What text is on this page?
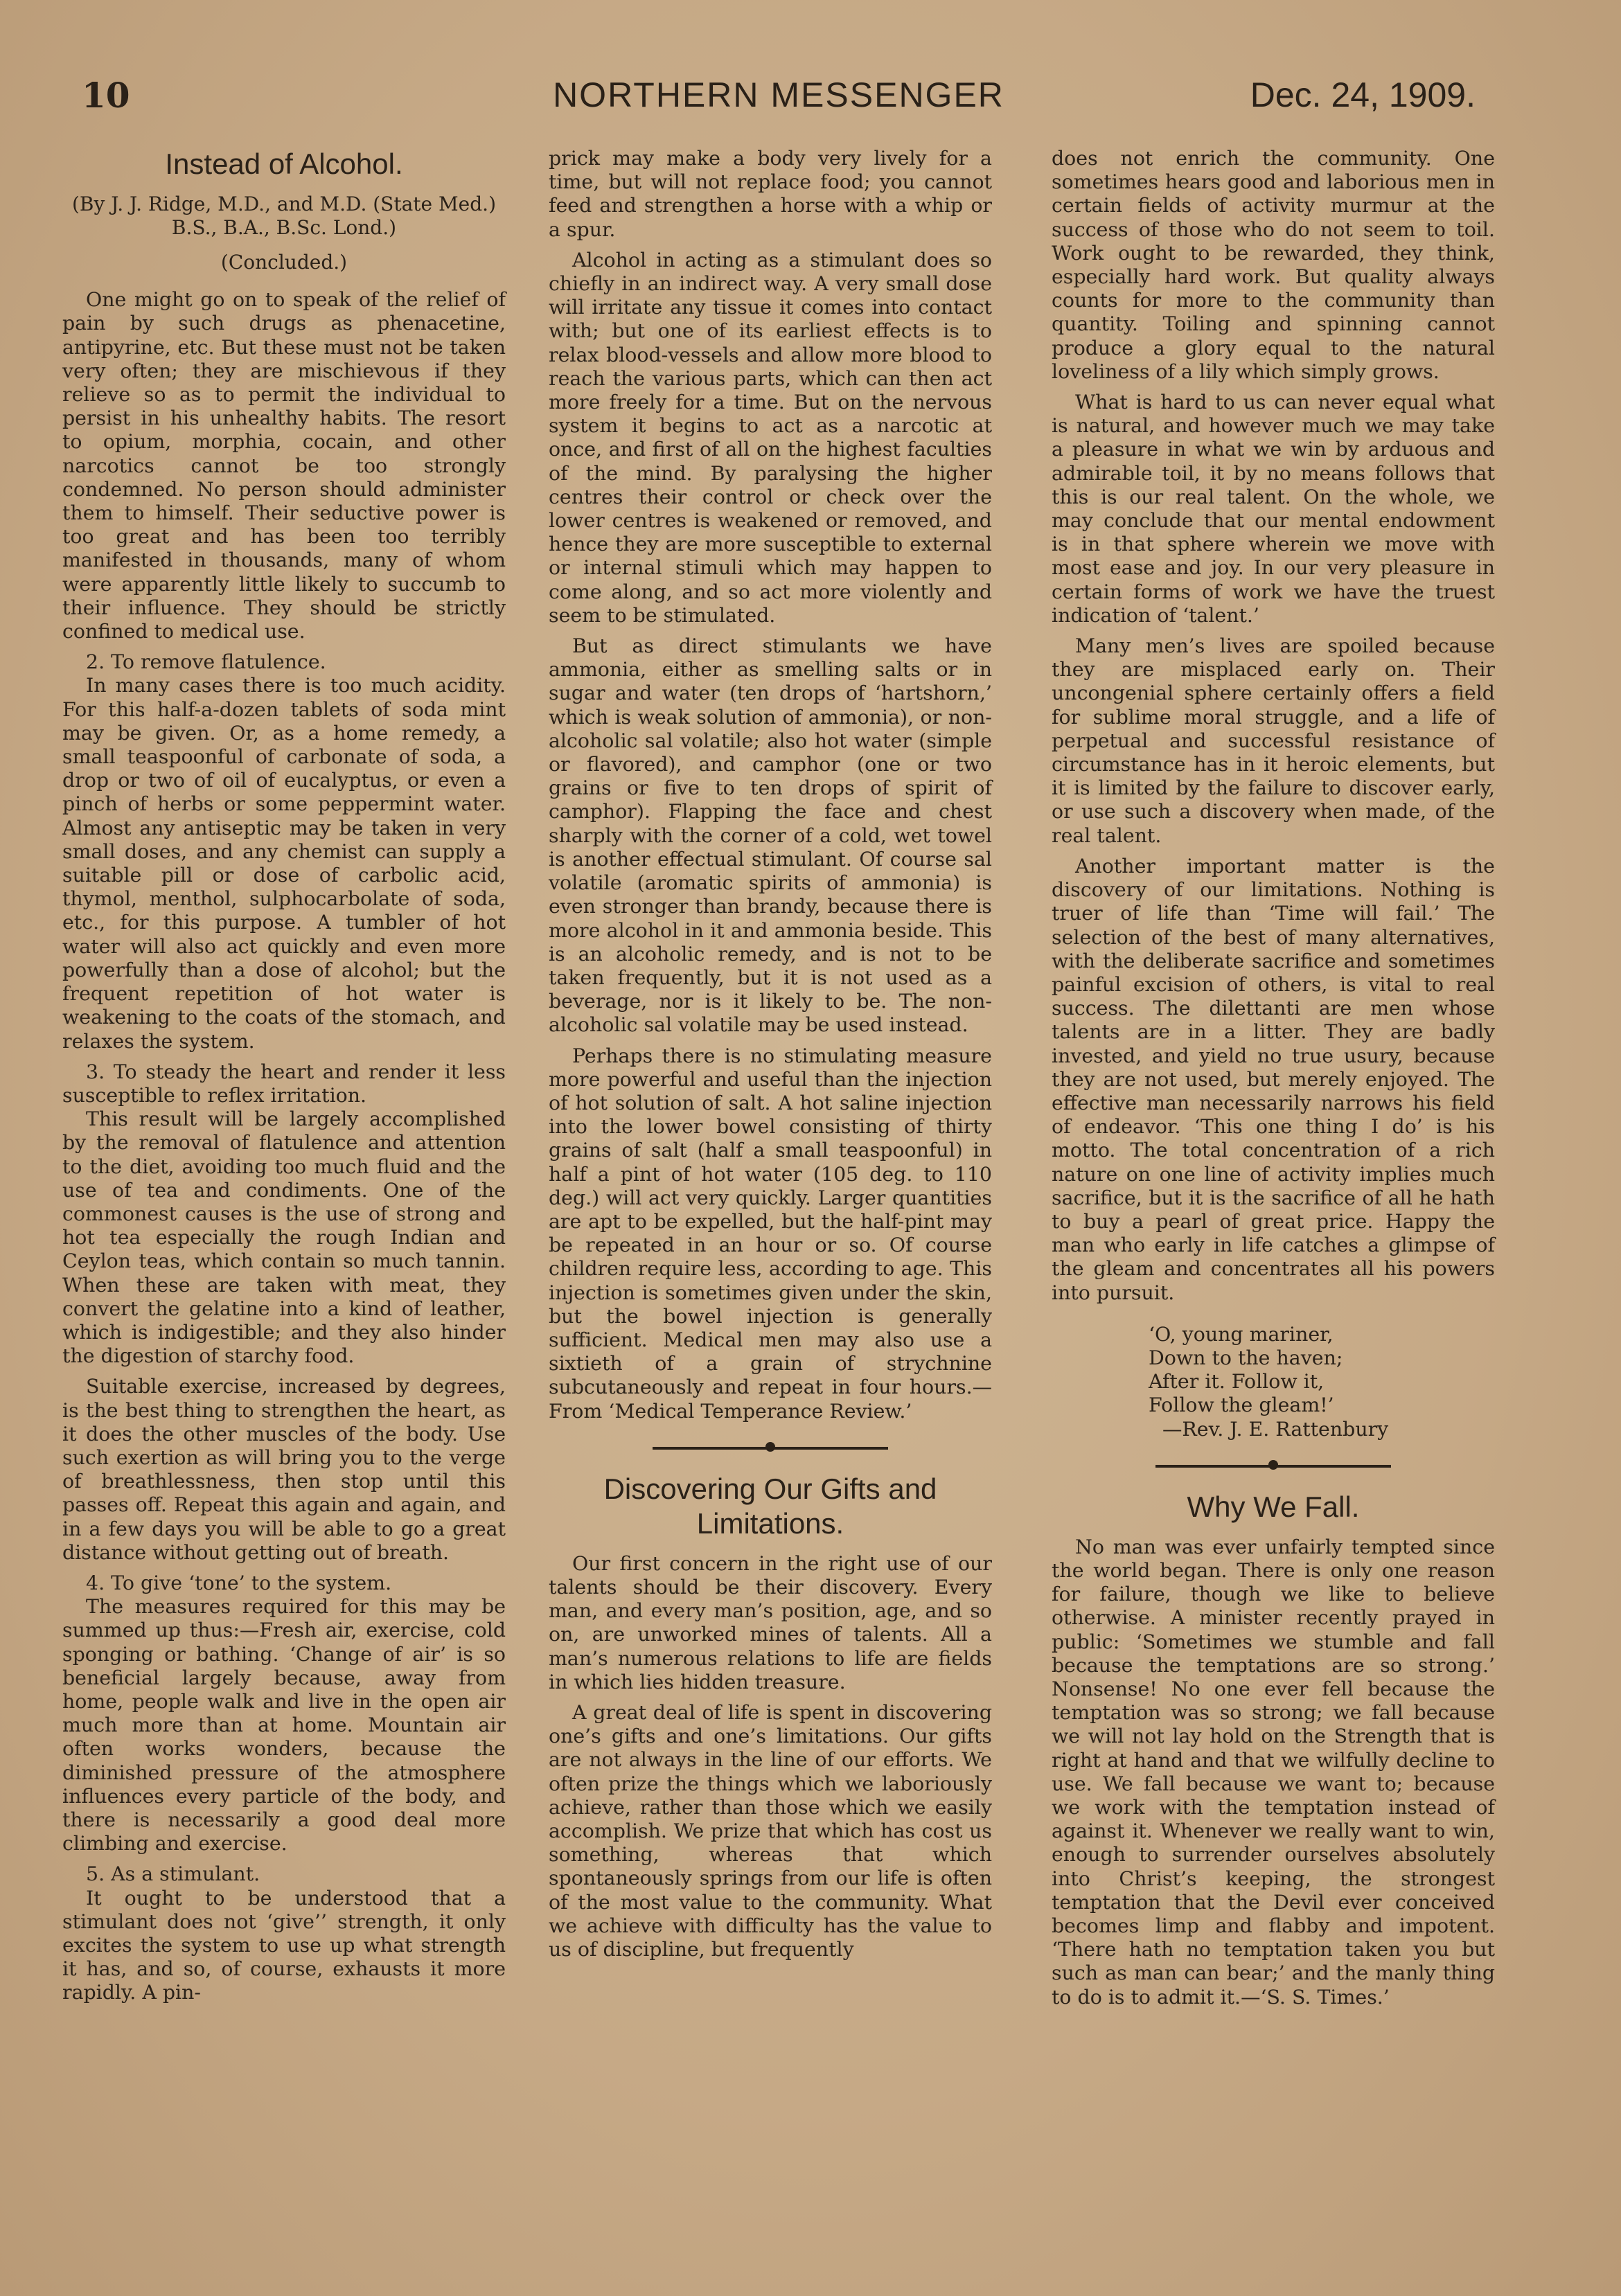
NORTHERN MESSENGER
10	Dec. 24, 1909.
Instead of Alcohol.
(By J. J. Ridge, M.D., and M.D. (State Med.) B.S., B.A., B.Sc. Lond.)
(Concluded.)

One might go on to speak of the relief of pain by such drugs as phenacetine, antipyrine, etc. But these must not be taken very often; they are mischievous if they relieve so as to permit the individual to persist in his unhealthy habits. The resort to opium, morphia, cocain, and other narcotics cannot be too strongly condemned. No person should administer them to himself. Their seductive power is too great and has been too terribly manifested in thousands, many of whom were apparently little likely to succumb to their influence. They should be strictly confined to medical use.

2. To remove flatulence.

In many cases there is too much acidity. For this half-a-dozen tablets of soda mint may be given. Or, as a home remedy, a small teaspoonful of carbonate of soda, a drop or two of oil of eucalyptus, or even a pinch of herbs or some peppermint water. Almost any antiseptic may be taken in very small doses, and any chemist can supply a suitable pill or dose of carbolic acid, thymol, menthol, sulphocarbolate of soda, etc., for this purpose. A tumbler of hot water will also act quickly and even more powerfully than a dose of alcohol; but the frequent repetition of hot water is weakening to the coats of the stomach, and relaxes the system.

3. To steady the heart and render it less susceptible to reflex irritation.

This result will be largely accomplished by the removal of flatulence and attention to the diet, avoiding too much fluid and the use of tea and condiments. One of the commonest causes is the use of strong and hot tea especially the rough Indian and Ceylon teas, which contain so much tannin. When these are taken with meat, they convert the gelatine into a kind of leather, which is indigestible; and they also hinder the digestion of starchy food.

Suitable exercise, increased by degrees, is the best thing to strengthen the heart, as it does the other muscles of the body. Use such exertion as will bring you to the verge of breathlessness, then stop until this passes off. Repeat this again and again, and in a few days you will be able to go a great distance without getting out of breath.

4. To give ‘tone’ to the system.

The measures required for this may be summed up thus:—Fresh air, exercise, cold sponging or bathing. ‘Change of air’ is so beneficial largely because, away from home, people walk and live in the open air much more than at home. Mountain air often works wonders, because the diminished pressure of the atmosphere influences every particle of the body, and there is necessarily a good deal more climbing and exercise.

5. As a stimulant.

It ought to be understood that a stimulant does not ‘give’’ strength, it only excites the system to use up what strength it has, and so, of course, exhausts it more rapidly. A pin-

prick may make a body very lively for a time, but will not replace food; you cannot feed and strengthen a horse with a whip or a spur.

Alcohol in acting as a stimulant does so chiefly in an indirect way. A very small dose will irritate any tissue it comes into contact with; but one of its earliest effects is to relax blood-vessels and allow more blood to reach the various parts, which can then act more freely for a time. But on the nervous system it begins to act as a narcotic at once, and first of all on the highest faculties of the mind. By paralysing the higher centres their control or check over the lower centres is weakened or removed, and hence they are more susceptible to external or internal stimuli which may happen to come along, and so act more violently and seem to be stimulated.

But as direct stimulants we have ammonia, either as smelling salts or in sugar and water (ten drops of ‘hartshorn,’ which is weak solution of ammonia), or non-alcoholic sal volatile; also hot water (simple or flavored), and camphor (one or two grains or five to ten drops of spirit of camphor). Flapping the face and chest sharply with the corner of a cold, wet towel is another effectual stimulant. Of course sal volatile (aromatic spirits of ammonia) is even stronger than brandy, because there is more alcohol in it and ammonia beside. This is an alcoholic remedy, and is not to be taken frequently, but it is not used as a beverage, nor is it likely to be. The non-alcoholic sal volatile may be used instead.

Perhaps there is no stimulating measure more powerful and useful than the injection of hot solution of salt. A hot saline injection into the lower bowel consisting of thirty grains of salt (half a small teaspoonful) in half a pint of hot water (105 deg. to 110 deg.) will act very quickly. Larger quantities are apt to be expelled, but the half-pint may be repeated in an hour or so. Of course children require less, according to age. This injection is sometimes given under the skin, but the bowel injection is generally sufficient. Medical men may also use a sixtieth of a grain of strychnine subcutaneously and repeat in four hours.—From ‘Medical Temperance Review.’

Discovering Our Gifts and Limitations.

Our first concern in the right use of our talents should be their discovery. Every man, and every man’s position, age, and so on, are unworked mines of talents. All a man’s numerous relations to life are fields in which lies hidden treasure.

A great deal of life is spent in discovering one’s gifts and one’s limitations. Our gifts are not always in the line of our efforts. We often prize the things which we laboriously achieve, rather than those which we easily accomplish. We prize that which has cost us something, whereas that which spontaneously springs from our life is often of the most value to the community. What we achieve with difficulty has the value to us of discipline, but frequently

does not enrich the community. One sometimes hears good and laborious men in certain fields of activity murmur at the success of those who do not seem to toil. Work ought to be rewarded, they think, especially hard work. But quality always counts for more to the community than quantity. Toiling and spinning cannot produce a glory equal to the natural loveliness of a lily which simply grows.

What is hard to us can never equal what is natural, and however much we may take a pleasure in what we win by arduous and admirable toil, it by no means follows that this is our real talent. On the whole, we may conclude that our mental endowment is in that sphere wherein we move with most ease and joy. In our very pleasure in certain forms of work we have the truest indication of ‘talent.’

Many men’s lives are spoiled because they are misplaced early on. Their uncongenial sphere certainly offers a field for sublime moral struggle, and a life of perpetual and successful resistance of circumstance has in it heroic elements, but it is limited by the failure to discover early, or use such a discovery when made, of the real talent.

Another important matter is the discovery of our limitations. Nothing is truer of life than ‘Time will fail.’ The selection of the best of many alternatives, with the deliberate sacrifice and sometimes painful excision of others, is vital to real success. The dilettanti are men whose talents are in a litter. They are badly invested, and yield no true usury, because they are not used, but merely enjoyed. The effective man necessarily narrows his field of endeavor. ‘This one thing I do’ is his motto. The total concentration of a rich nature on one line of activity implies much sacrifice, but it is the sacrifice of all he hath to buy a pearl of great price. Happy the man who early in life catches a glimpse of the gleam and concentrates all his powers into pursuit.

‘O, young mariner,
Down to the haven;
After it. Follow it,
Follow the gleam!’
—Rev. J. E. Rattenbury
Why We Fall.

No man was ever unfairly tempted since the world began. There is only one reason for failure, though we like to believe otherwise. A minister recently prayed in public: ‘Sometimes we stumble and fall because the temptations are so strong.’ Nonsense! No one ever fell because the temptation was so strong; we fall because we will not lay hold on the Strength that is right at hand and that we wilfully decline to use. We fall because we want to; because we work with the temptation instead of against it. Whenever we really want to win, enough to surrender ourselves absolutely into Christ’s keeping, the strongest temptation that the Devil ever conceived becomes limp and flabby and impotent. ‘There hath no temptation taken you but such as man can bear;’ and the manly thing to do is to admit it.—‘S. S. Times.’
